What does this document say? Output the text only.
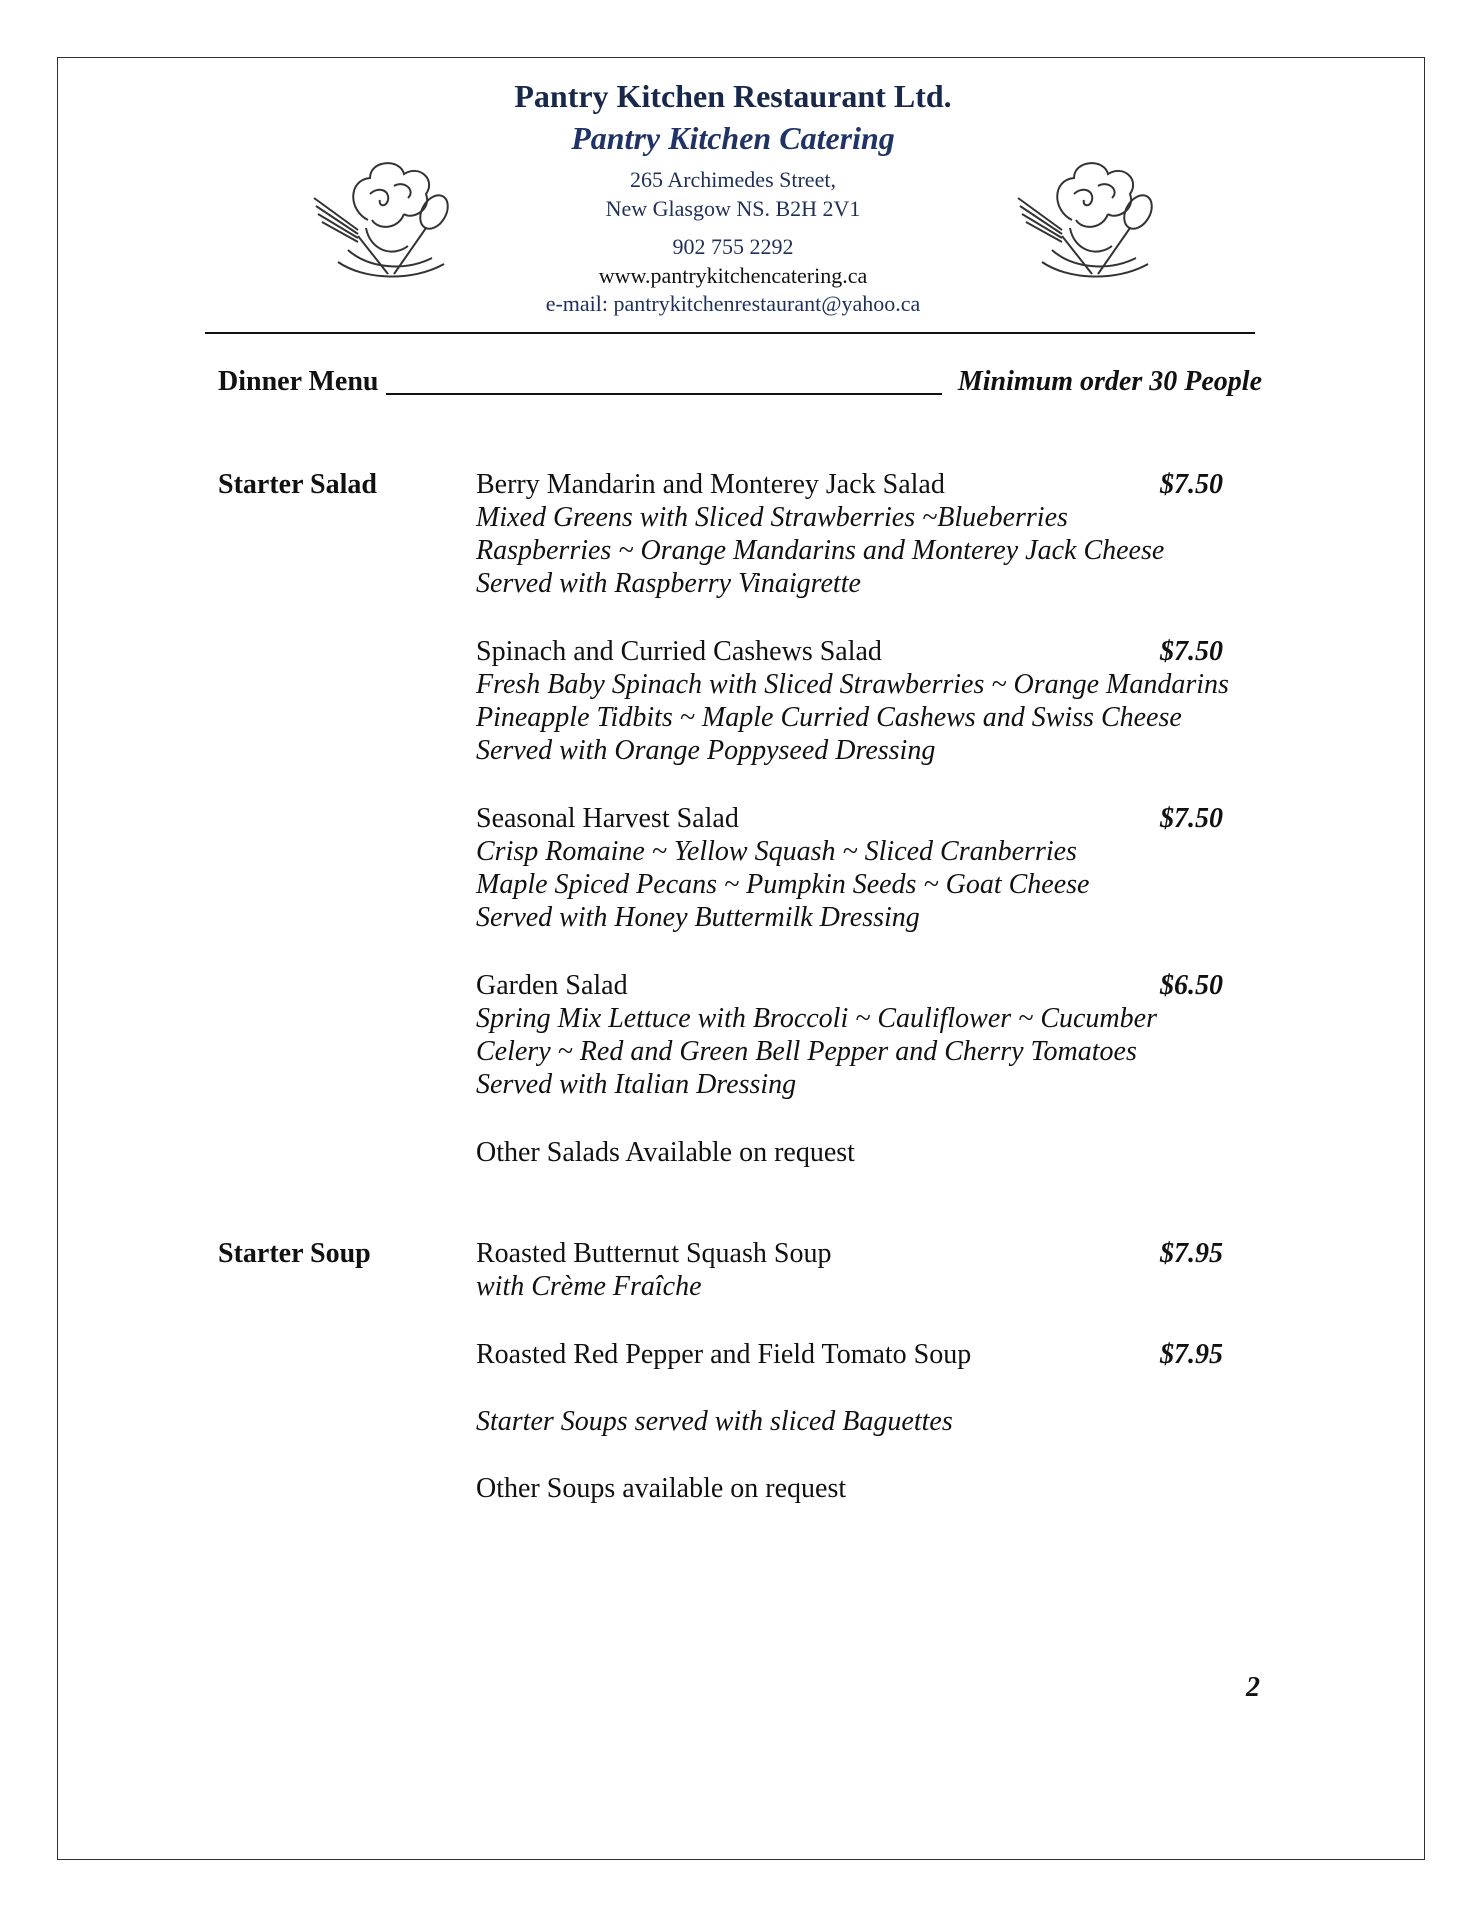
Pantry Kitchen Restaurant Ltd.
Pantry Kitchen Catering
265 Archimedes Street,
New Glasgow NS. B2H 2V1
902 755 2292
www.pantrykitchencatering.ca
e-mail: pantrykitchenrestaurant@yahoo.ca
Dinner Menu	Minimum order 30 People
Starter Salad	Berry Mandarin and Monterey Jack Salad	$7.50
Mixed Greens with Sliced Strawberries ~Blueberries
Raspberries ~ Orange Mandarins and Monterey Jack Cheese
Served with Raspberry Vinaigrette
Spinach and Curried Cashews Salad	$7.50
Fresh Baby Spinach with Sliced Strawberries ~ Orange Mandarins
Pineapple Tidbits ~ Maple Curried Cashews and Swiss Cheese
Served with Orange Poppyseed Dressing
Seasonal Harvest Salad	$7.50
Crisp Romaine ~ Yellow Squash ~ Sliced Cranberries
Maple Spiced Pecans ~ Pumpkin Seeds ~ Goat Cheese
Served with Honey Buttermilk Dressing
Garden Salad	$6.50
Spring Mix Lettuce with Broccoli ~ Cauliflower ~ Cucumber
Celery ~ Red and Green Bell Pepper and Cherry Tomatoes
Served with Italian Dressing
Other Salads Available on request
Starter Soup	Roasted Butternut Squash Soup	$7.95
with Crème Fraîche
Roasted Red Pepper and Field Tomato Soup	$7.95
Starter Soups served with sliced Baguettes
Other Soups available on request
2
